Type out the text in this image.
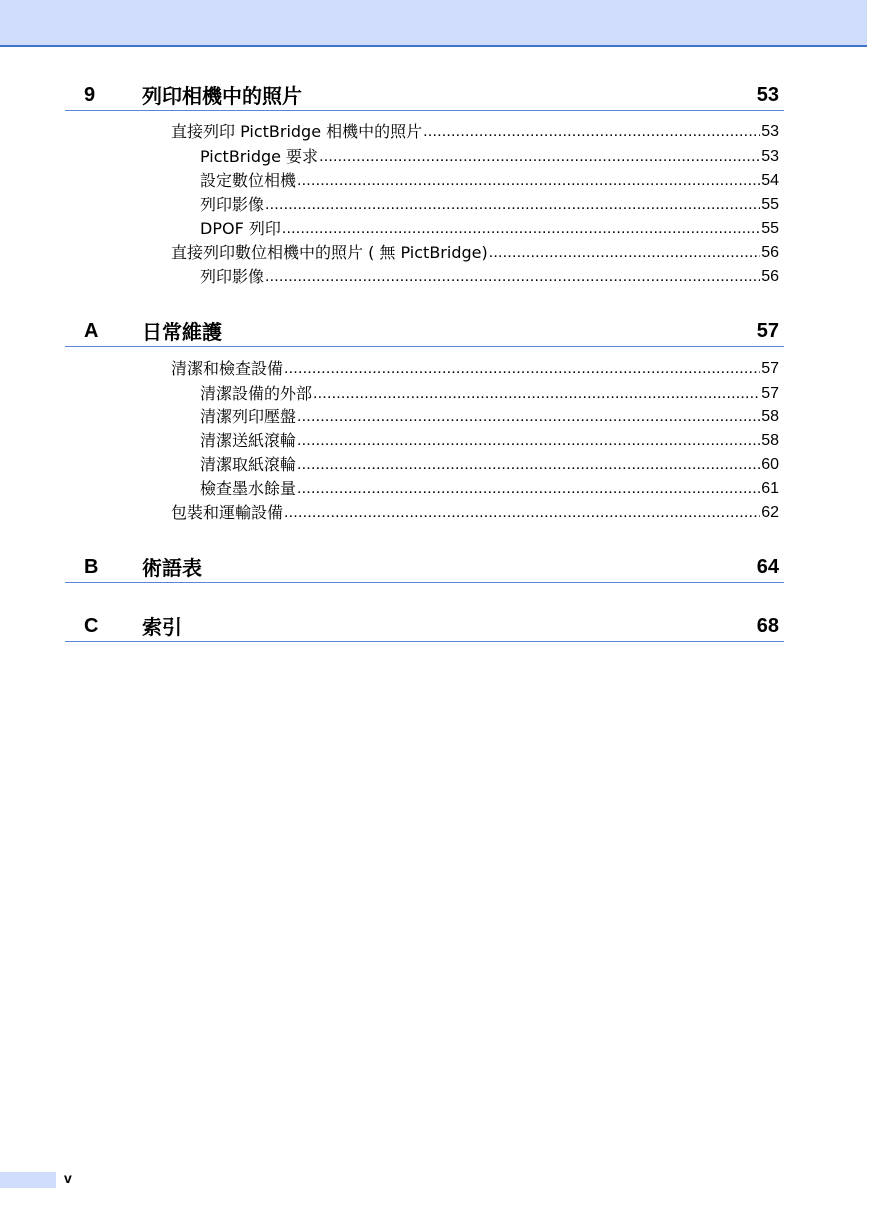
9 列印相機中的照片	53
直接列印 PictBridge 相機中的照片 .....	53
PictBridge 要求 .....	53
設定數位相機 .....	54
列印影像 .....	55
DPOF 列印 .....	55
直接列印數位相機中的照片 ( 無 PictBridge) .....	56
列印影像 .....	56
A 日常維護	57
清潔和檢查設備 .....	57
清潔設備的外部 .....	57
清潔列印壓盤 .....	58
清潔送紙滾輪 .....	58
清潔取紙滾輪 .....	60
檢查墨水餘量 .....	61
包裝和運輸設備 .....	62
B 術語表	64
C 索引	68
v
